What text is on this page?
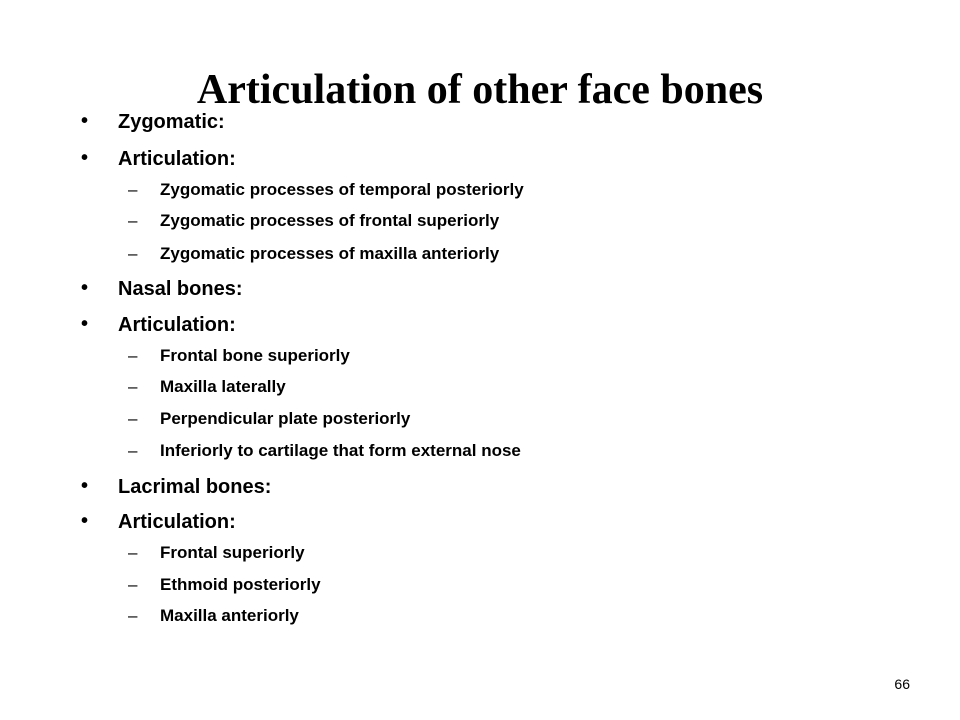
Articulation of other face bones
• Zygomatic:
• Articulation:
– Zygomatic processes of temporal posteriorly
– Zygomatic processes of frontal superiorly
– Zygomatic processes of maxilla anteriorly
• Nasal bones:
• Articulation:
– Frontal bone superiorly
– Maxilla laterally
– Perpendicular plate posteriorly
– Inferiorly to cartilage that form external nose
• Lacrimal bones:
• Articulation:
– Frontal superiorly
– Ethmoid posteriorly
– Maxilla anteriorly
66
